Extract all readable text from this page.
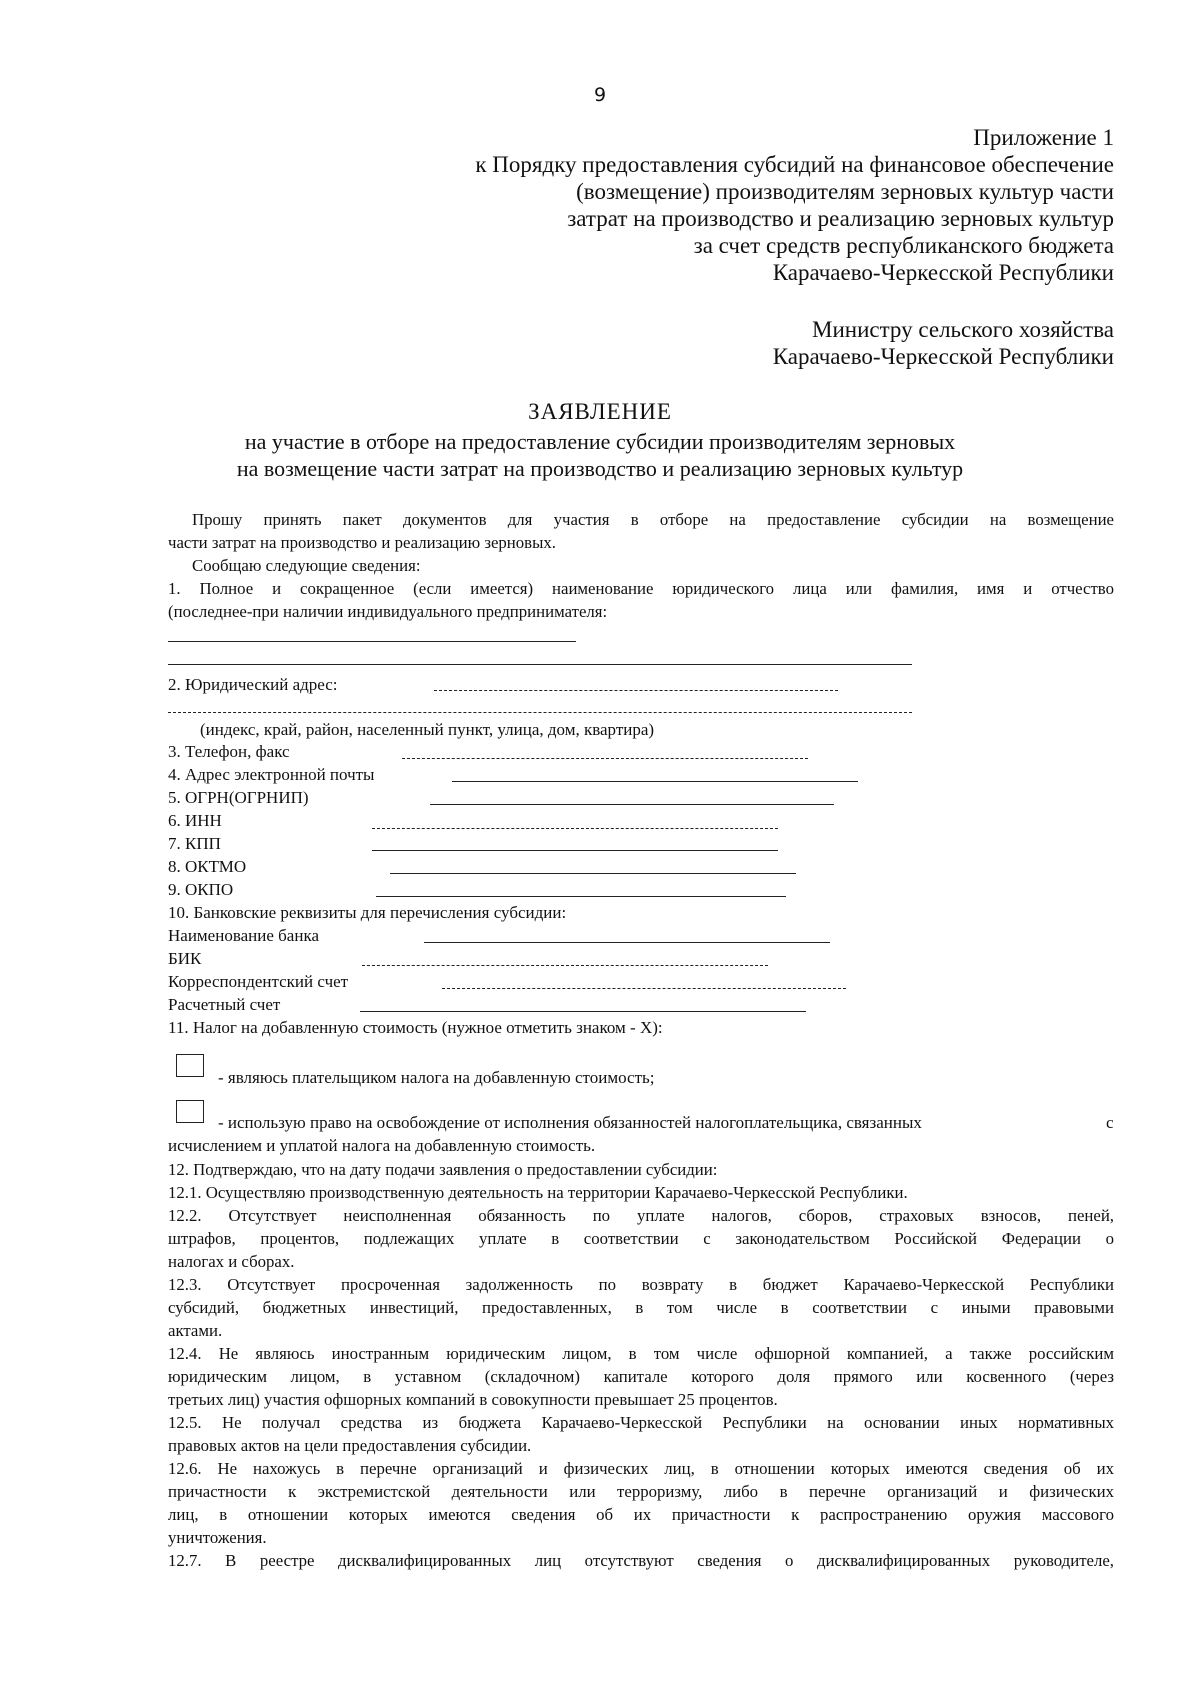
9
Приложение 1
к Порядку предоставления субсидий на финансовое обеспечение
(возмещение) производителям зерновых культур части
затрат на производство и реализацию зерновых культур
за счет средств республиканского бюджета
Карачаево-Черкесской Республики
Министру сельского хозяйства
Карачаево-Черкесской Республики
ЗАЯВЛЕНИЕ
на участие в отборе на предоставление субсидии производителям зерновых
на возмещение части затрат на производство и реализацию зерновых культур

Прошу принять пакет документов для участия в отборе на предоставление субсидии на возмещение

части затрат на производство и реализацию зерновых.

Сообщаю следующие сведения:

1. Полное и сокращенное (если имеется) наименование юридического лица или фамилия, имя и отчество

(последнее-при наличии индивидуального предпринимателя:

2. Юридический адрес:
(индекс, край, район, населенный пункт, улица, дом, квартира)
3. Телефон, факс
4. Адрес электронной почты
5. ОГРН(ОГРНИП)
6. ИНН
7. КПП
8. ОКТМО
9. ОКПО
10. Банковские реквизиты для перечисления субсидии:
Наименование банка
БИК
Корреспондентский счет
Расчетный счет
11. Налог на добавленную стоимость (нужное отметить знаком - X):
- являюсь плательщиком налога на добавленную стоимость;
- использую право на освобождение от исполнения обязанностей налогоплательщика, связанных	с
исчислением и уплатой налога на добавленную стоимость.

12. Подтверждаю, что на дату подачи заявления о предоставлении субсидии:

12.1. Осуществляю производственную деятельность на территории Карачаево-Черкесской Республики.

12.2. Отсутствует неисполненная обязанность по уплате налогов, сборов, страховых взносов, пеней,

штрафов, процентов, подлежащих уплате в соответствии с законодательством Российской Федерации о

налогах и сборах.

12.3. Отсутствует просроченная задолженность по возврату в бюджет Карачаево-Черкесской Республики

субсидий, бюджетных инвестиций, предоставленных, в том числе в соответствии с иными правовыми

актами.

12.4. Не являюсь иностранным юридическим лицом, в том числе офшорной компанией, а также российским

юридическим лицом, в уставном (складочном) капитале которого доля прямого или косвенного (через

третьих лиц) участия офшорных компаний в совокупности превышает 25 процентов.

12.5. Не получал средства из бюджета Карачаево-Черкесской Республики на основании иных нормативных

правовых актов на цели предоставления субсидии.

12.6. Не нахожусь в перечне организаций и физических лиц, в отношении которых имеются сведения об их

причастности к экстремистской деятельности или терроризму, либо в перечне организаций и физических

лиц, в отношении которых имеются сведения об их причастности к распространению оружия массового

уничтожения.

12.7. В реестре дисквалифицированных лиц отсутствуют сведения о дисквалифицированных руководителе,
